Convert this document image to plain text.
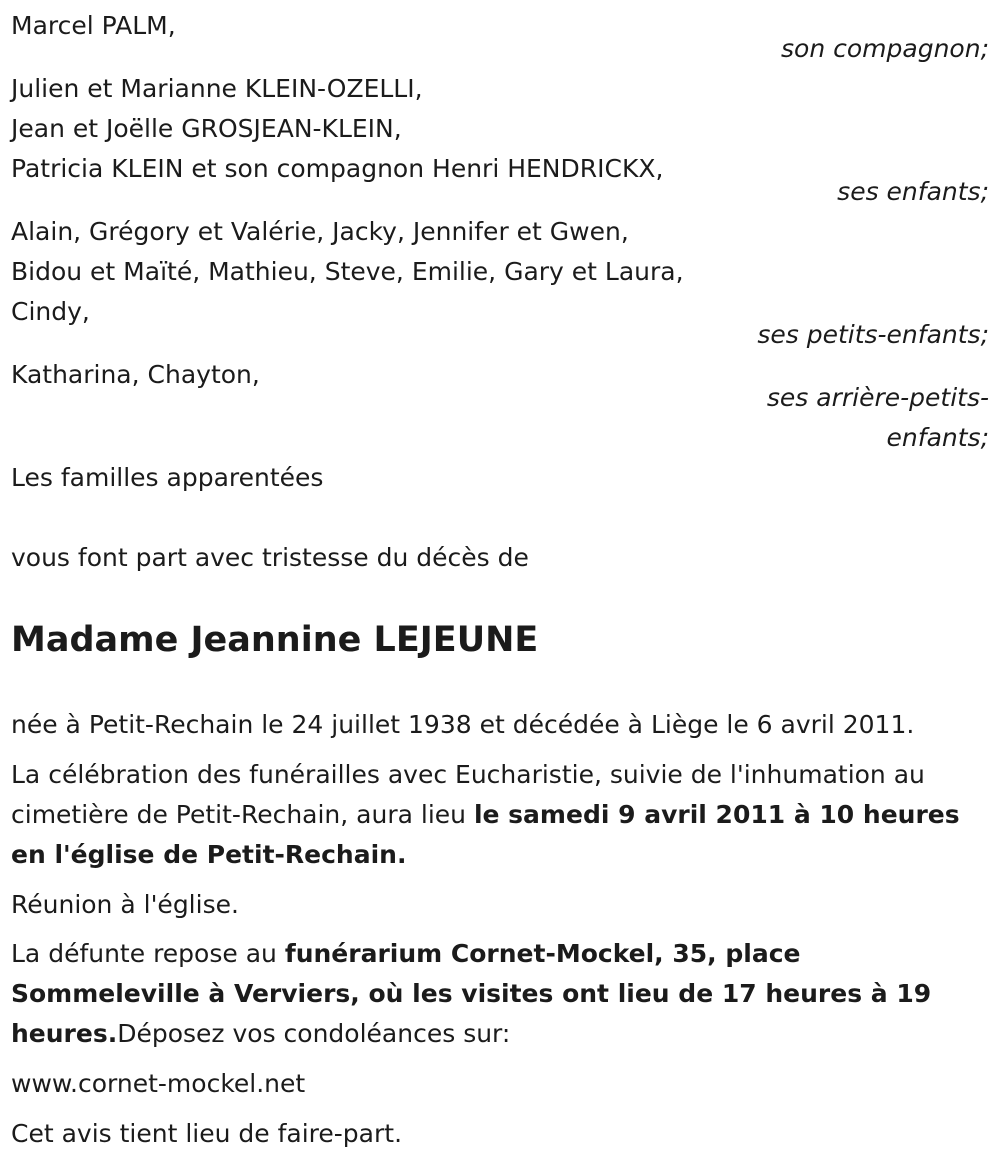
Marcel PALM,
son compagnon;
Julien et Marianne KLEIN-OZELLI,
Jean et Joëlle GROSJEAN-KLEIN,
Patricia KLEIN et son compagnon Henri HENDRICKX,
ses enfants;
Alain, Grégory et Valérie, Jacky, Jennifer et Gwen,
Bidou et Maïté, Mathieu, Steve, Emilie, Gary et Laura,
Cindy,
ses petits-enfants;
Katharina, Chayton,
ses arrière-petits-
enfants;
Les familles apparentées
vous font part avec tristesse du décès de
Madame Jeannine LEJEUNE
née à Petit-Rechain le 24 juillet 1938 et décédée à Liège le 6 avril 2011.
La célébration des funérailles avec Eucharistie, suivie de l'inhumation au
cimetière de Petit-Rechain, aura lieu le samedi 9 avril 2011 à 10 heures
en l'église de Petit-Rechain.
Réunion à l'église.
La défunte repose au funérarium Cornet-Mockel, 35, place
Sommeleville à Verviers, où les visites ont lieu de 17 heures à 19
heures.Déposez vos condoléances sur:
www.cornet-mockel.net
Cet avis tient lieu de faire-part.
